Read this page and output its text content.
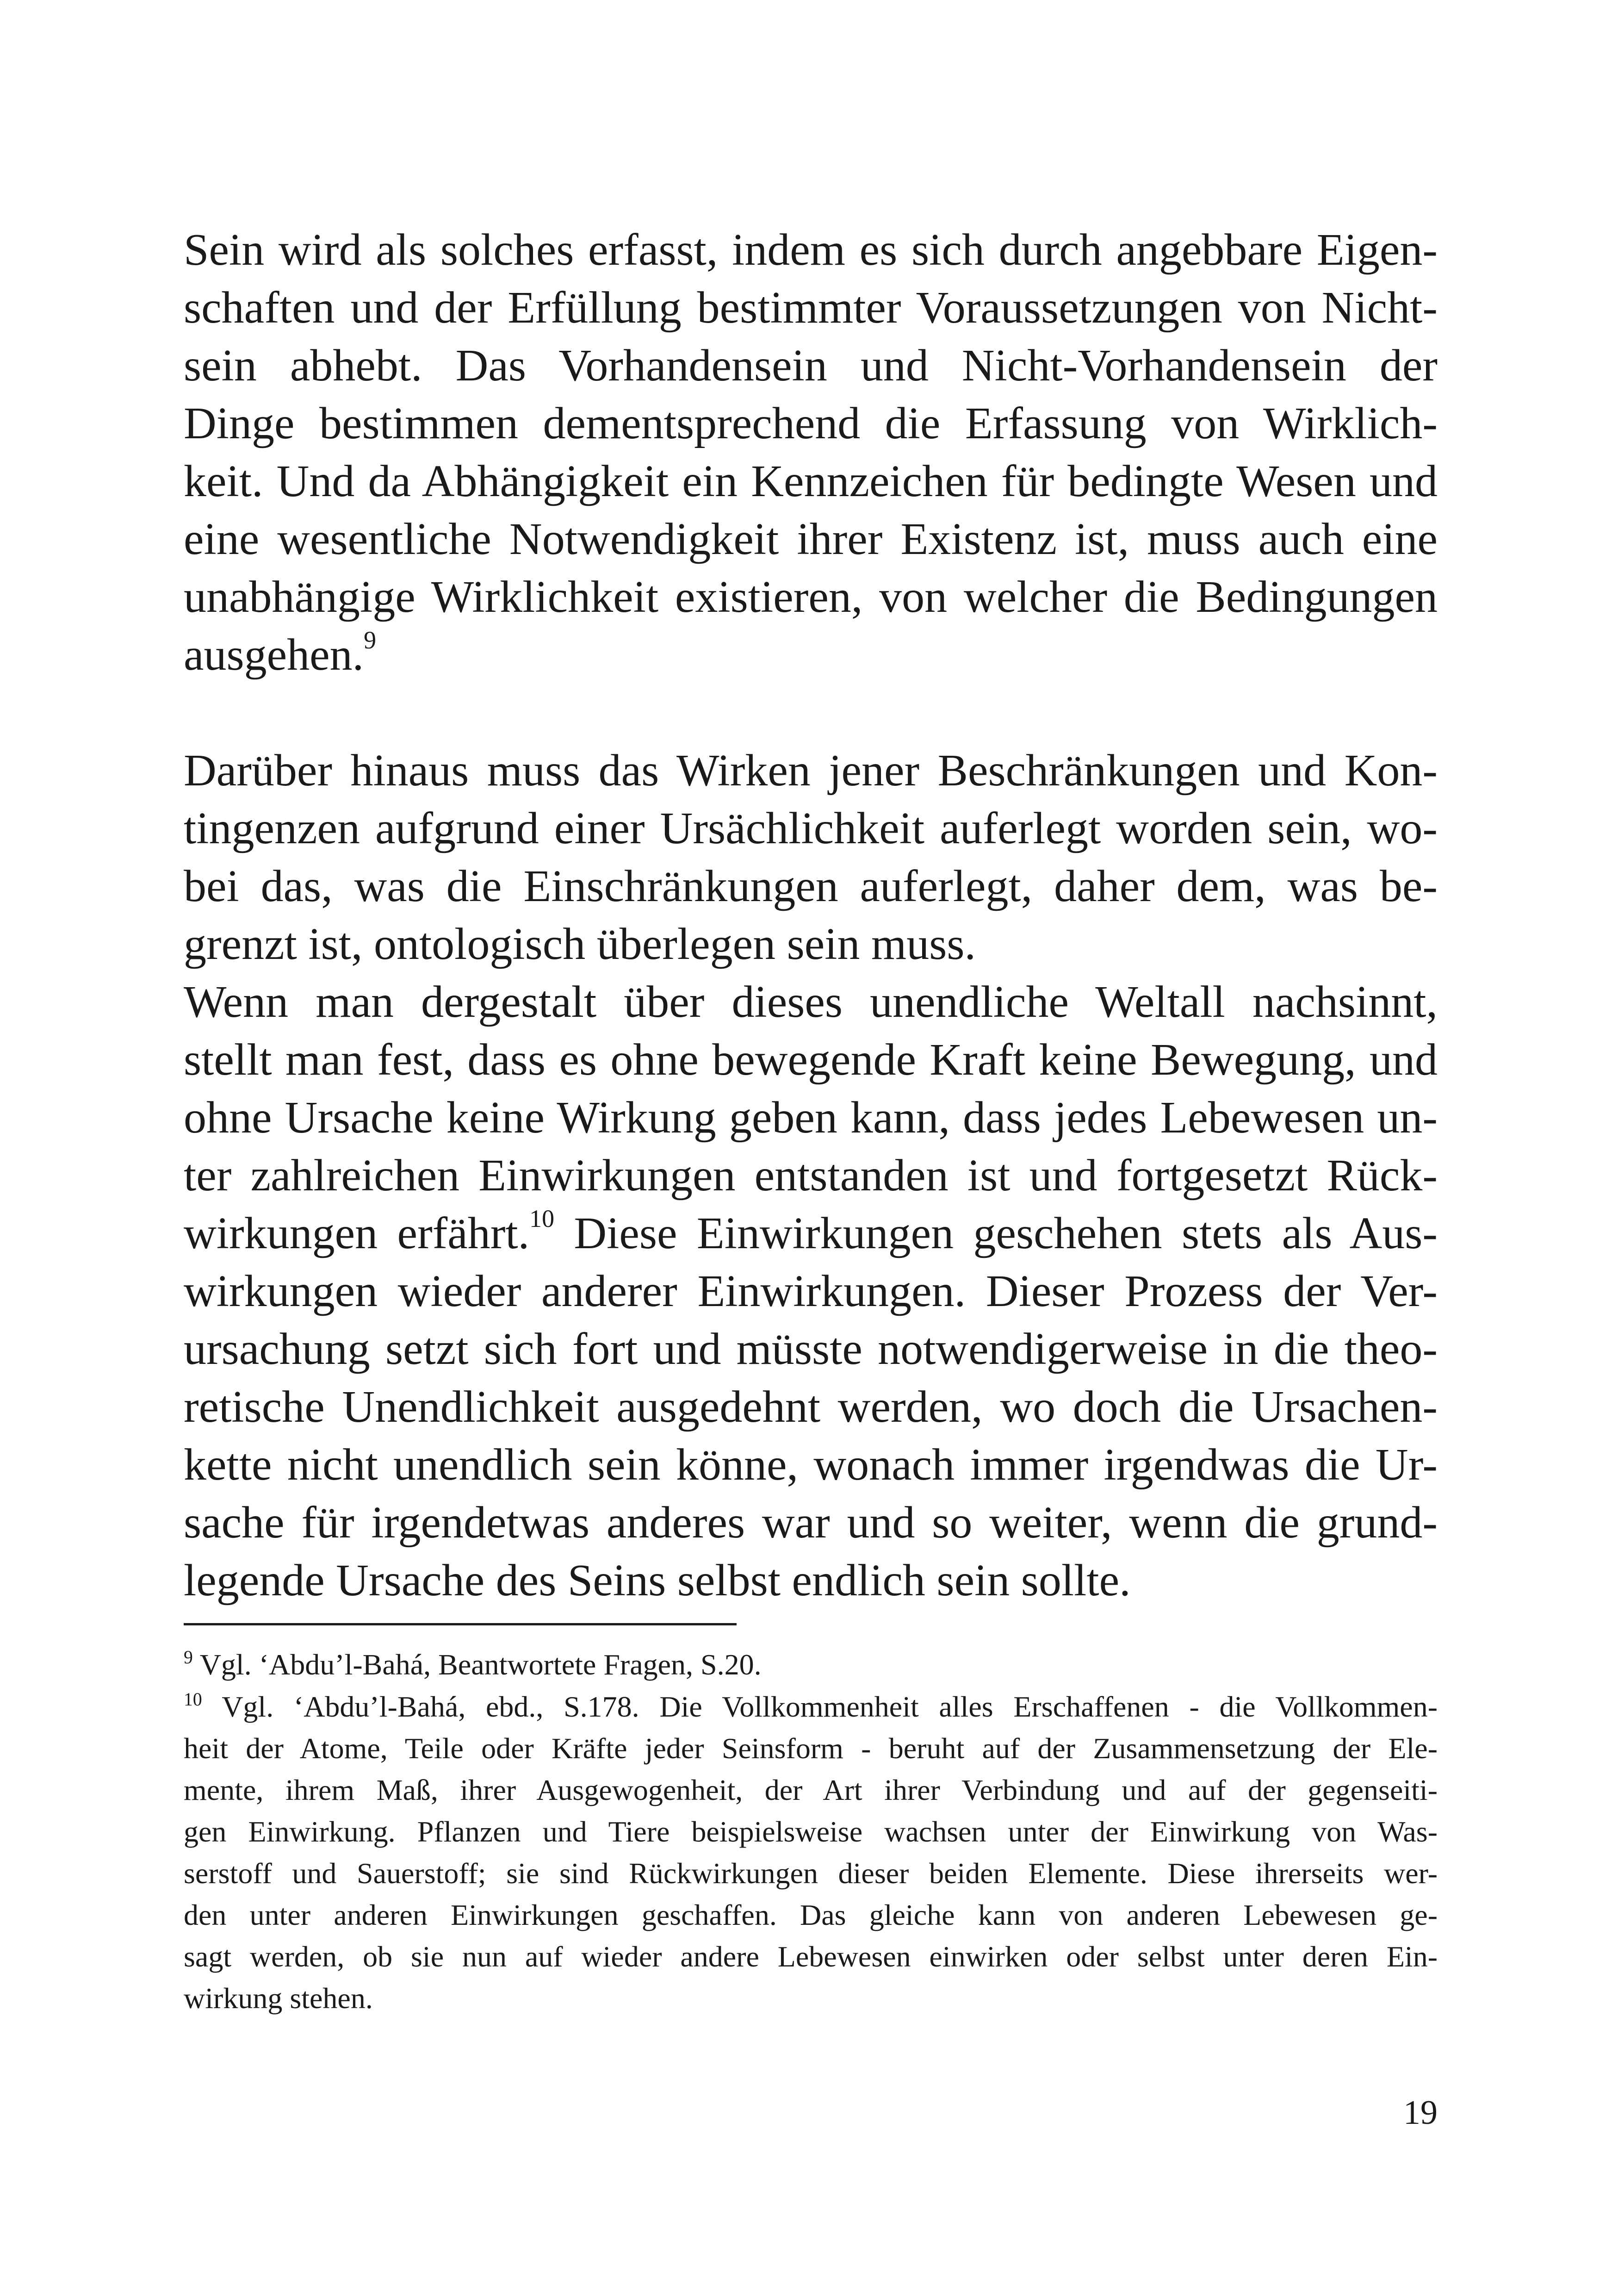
Sein wird als solches erfasst, indem es sich durch angebbare Eigen-
schaften und der Erfüllung bestimmter Voraussetzungen von Nicht-
sein abhebt. Das Vorhandensein und Nicht-Vorhandensein der
Dinge bestimmen dementsprechend die Erfassung von Wirklich-
keit. Und da Abhängigkeit ein Kennzeichen für bedingte Wesen und
eine wesentliche Notwendigkeit ihrer Existenz ist, muss auch eine
unabhängige Wirklichkeit existieren, von welcher die Bedingungen
ausgehen.$^9$
Darüber hinaus muss das Wirken jener Beschränkungen und Kon-
tingenzen aufgrund einer Ursächlichkeit auferlegt worden sein, wo-
bei das, was die Einschränkungen auferlegt, daher dem, was be-
grenzt ist, ontologisch überlegen sein muss.
Wenn man dergestalt über dieses unendliche Weltall nachsinnt,
stellt man fest, dass es ohne bewegende Kraft keine Bewegung, und
ohne Ursache keine Wirkung geben kann, dass jedes Lebewesen un-
ter zahlreichen Einwirkungen entstanden ist und fortgesetzt Rück-
wirkungen erfährt.$^{10}$ Diese Einwirkungen geschehen stets als Aus-
wirkungen wieder anderer Einwirkungen. Dieser Prozess der Ver-
ursachung setzt sich fort und müsste notwendigerweise in die theo-
retische Unendlichkeit ausgedehnt werden, wo doch die Ursachen-
kette nicht unendlich sein könne, wonach immer irgendwas die Ur-
sache für irgendetwas anderes war und so weiter, wenn die grund-
legende Ursache des Seins selbst endlich sein sollte.
$^9$ Vgl. ‘Abdu’l-Bahá, Beantwortete Fragen, S.20.
$^{10}$ Vgl. ‘Abdu’l-Bahá, ebd., S.178. Die Vollkommenheit alles Erschaffenen - die Vollkommen-
heit der Atome, Teile oder Kräfte jeder Seinsform - beruht auf der Zusammensetzung der Ele-
mente, ihrem Maß, ihrer Ausgewogenheit, der Art ihrer Verbindung und auf der gegenseiti-
gen Einwirkung. Pflanzen und Tiere beispielsweise wachsen unter der Einwirkung von Was-
serstoff und Sauerstoff; sie sind Rückwirkungen dieser beiden Elemente. Diese ihrerseits wer-
den unter anderen Einwirkungen geschaffen. Das gleiche kann von anderen Lebewesen ge-
sagt werden, ob sie nun auf wieder andere Lebewesen einwirken oder selbst unter deren Ein-
wirkung stehen.
19
